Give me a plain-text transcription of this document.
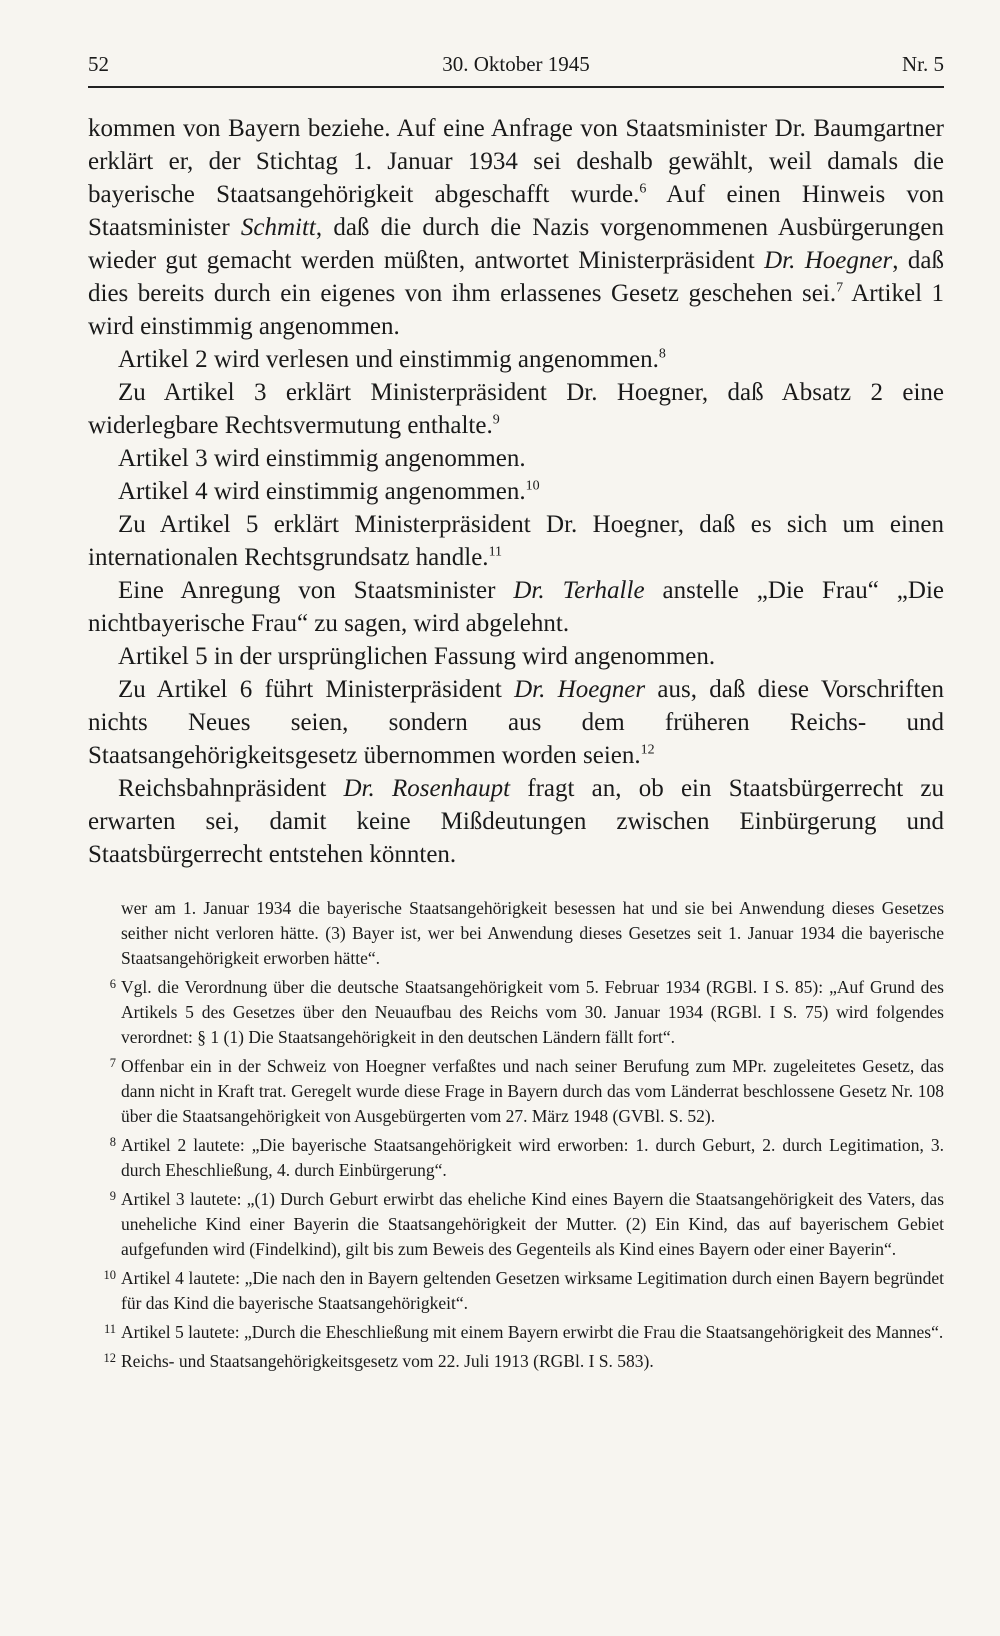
52	30. Oktober 1945	Nr. 5

kommen von Bayern beziehe. Auf eine Anfrage von Staatsminister Dr. Baumgartner erklärt er, der Stichtag 1. Januar 1934 sei deshalb gewählt, weil damals die bayerische Staatsangehörigkeit abgeschafft wurde.$^6$ Auf einen Hinweis von Staatsminister Schmitt, daß die durch die Nazis vorgenommenen Ausbürgerungen wieder gut gemacht werden müßten, antwortet Ministerpräsident Dr. Hoegner, daß dies bereits durch ein eigenes von ihm erlassenes Gesetz geschehen sei.$^7$ Artikel 1 wird einstimmig angenommen.

Artikel 2 wird verlesen und einstimmig angenommen.$^8$

Zu Artikel 3 erklärt Ministerpräsident Dr. Hoegner, daß Absatz 2 eine widerlegbare Rechtsvermutung enthalte.$^9$

Artikel 3 wird einstimmig angenommen.

Artikel 4 wird einstimmig angenommen.$^{10}$

Zu Artikel 5 erklärt Ministerpräsident Dr. Hoegner, daß es sich um einen internationalen Rechtsgrundsatz handle.$^{11}$

Eine Anregung von Staatsminister Dr. Terhalle anstelle „Die Frau“ „Die nichtbayerische Frau“ zu sagen, wird abgelehnt.

Artikel 5 in der ursprünglichen Fassung wird angenommen.

Zu Artikel 6 führt Ministerpräsident Dr. Hoegner aus, daß diese Vorschriften nichts Neues seien, sondern aus dem früheren Reichs- und Staatsangehörigkeitsgesetz übernommen worden seien.$^{12}$

Reichsbahnpräsident Dr. Rosenhaupt fragt an, ob ein Staatsbürgerrecht zu erwarten sei, damit keine Mißdeutungen zwischen Einbürgerung und Staatsbürgerrecht entstehen könnten.

wer am 1. Januar 1934 die bayerische Staatsangehörigkeit besessen hat und sie bei Anwendung dieses Gesetzes seither nicht verloren hätte. (3) Bayer ist, wer bei Anwendung dieses Gesetzes seit 1. Januar 1934 die bayerische Staatsangehörigkeit erworben hätte“.
6 Vgl. die Verordnung über die deutsche Staatsangehörigkeit vom 5. Februar 1934 (RGBl. I S. 85): „Auf Grund des Artikels 5 des Gesetzes über den Neuaufbau des Reichs vom 30. Januar 1934 (RGBl. I S. 75) wird folgendes verordnet: § 1 (1) Die Staatsangehörigkeit in den deutschen Ländern fällt fort“.
7 Offenbar ein in der Schweiz von Hoegner verfaßtes und nach seiner Berufung zum MPr. zugeleitetes Gesetz, das dann nicht in Kraft trat. Geregelt wurde diese Frage in Bayern durch das vom Länderrat beschlossene Gesetz Nr. 108 über die Staatsangehörigkeit von Ausgebürgerten vom 27. März 1948 (GVBl. S. 52).
8 Artikel 2 lautete: „Die bayerische Staatsangehörigkeit wird erworben: 1. durch Geburt, 2. durch Legitimation, 3. durch Eheschließung, 4. durch Einbürgerung“.
9 Artikel 3 lautete: „(1) Durch Geburt erwirbt das eheliche Kind eines Bayern die Staatsangehörigkeit des Vaters, das uneheliche Kind einer Bayerin die Staatsangehörigkeit der Mutter. (2) Ein Kind, das auf bayerischem Gebiet aufgefunden wird (Findelkind), gilt bis zum Beweis des Gegenteils als Kind eines Bayern oder einer Bayerin“.
10 Artikel 4 lautete: „Die nach den in Bayern geltenden Gesetzen wirksame Legitimation durch einen Bayern begründet für das Kind die bayerische Staatsangehörigkeit“.
11 Artikel 5 lautete: „Durch die Eheschließung mit einem Bayern erwirbt die Frau die Staatsangehörigkeit des Mannes“.
12 Reichs- und Staatsangehörigkeitsgesetz vom 22. Juli 1913 (RGBl. I S. 583).
